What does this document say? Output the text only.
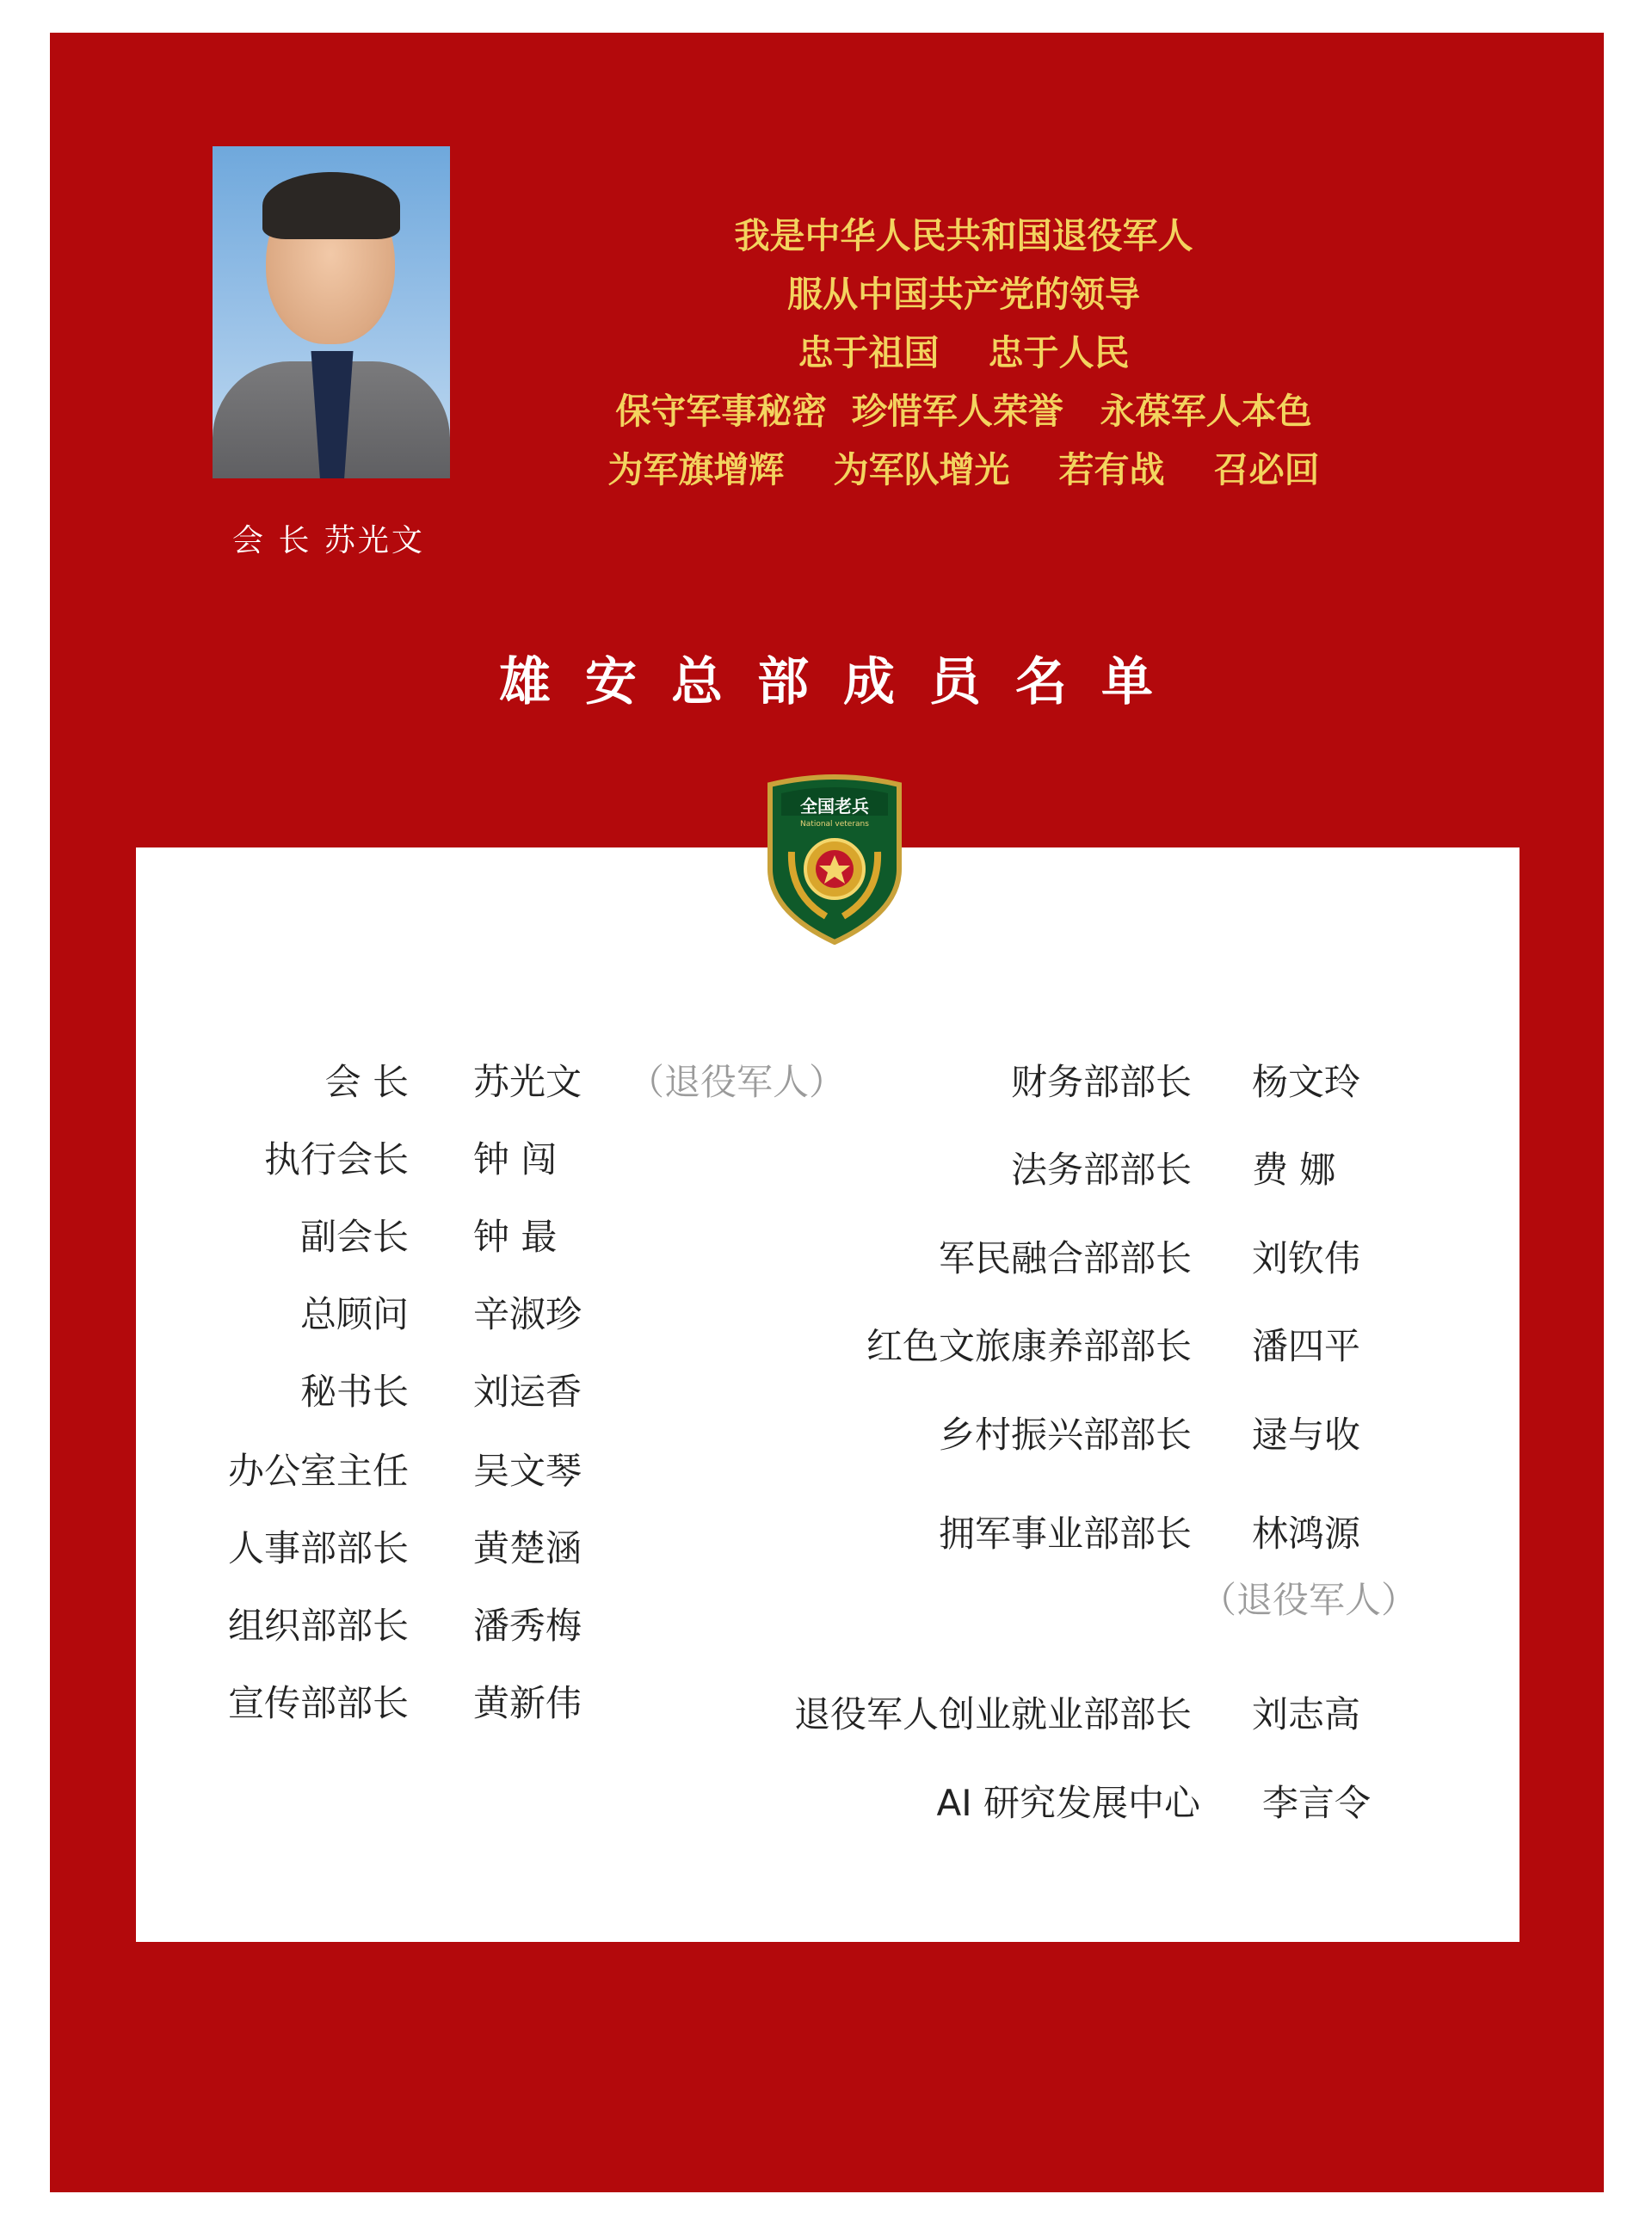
会 长 苏光文
我是中华人民共和国退役军人
服从中国共产党的领导
忠于祖国    忠于人民
保守军事秘密  珍惜军人荣誉   永葆军人本色
为军旗增辉    为军队增光    若有战    召必回
雄安总部成员名单
全国老兵
National veterans
会 长 苏光文 （退役军人）
执行会长 钟 闯
副会长 钟 最
总顾问 辛淑珍
秘书长 刘运香
办公室主任 吴文琴
人事部部长 黄楚涵
组织部部长 潘秀梅
宣传部部长 黄新伟
财务部部长 杨文玲
法务部部长 费 娜
军民融合部部长 刘钦伟
红色文旅康养部部长 潘四平
乡村振兴部部长 逯与收
拥军事业部部长 林鸿源
（退役军人）
退役军人创业就业部部长 刘志高
AI 研究发展中心 李言令
